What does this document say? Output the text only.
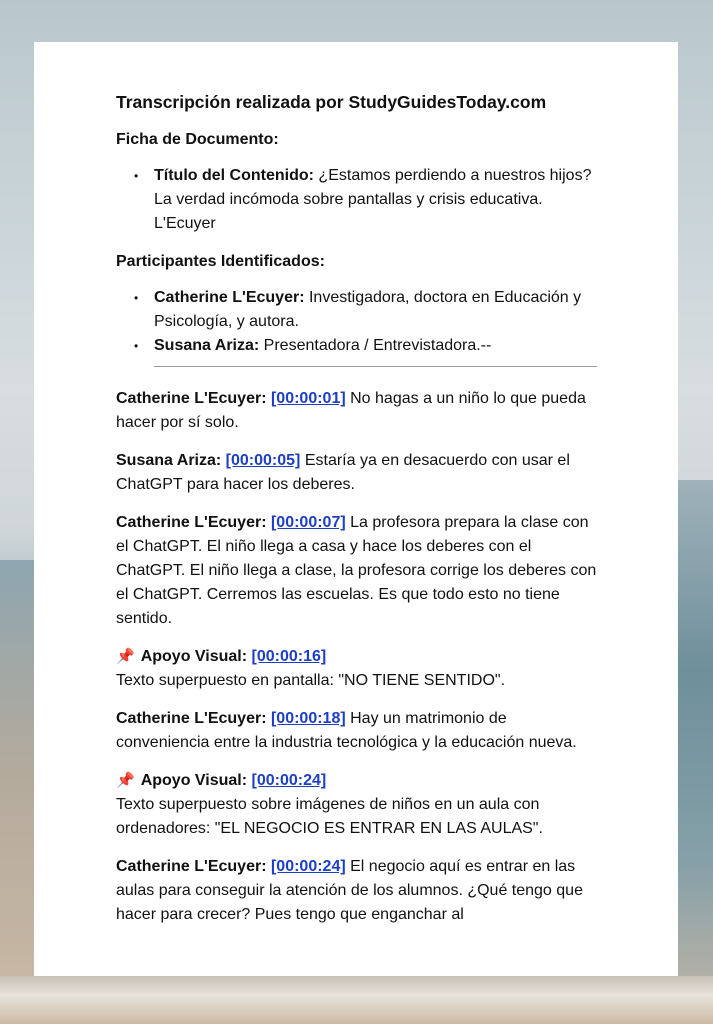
Transcripción realizada por StudyGuidesToday.com
Ficha de Documento:
• Título del Contenido: ¿Estamos perdiendo a nuestros hijos? La verdad incómoda sobre pantallas y crisis educativa. L'Ecuyer
Participantes Identificados:
• Catherine L'Ecuyer: Investigadora, doctora en Educación y Psicología, y autora.
• Susana Ariza: Presentadora / Entrevistadora.--
Catherine L'Ecuyer: [00:00:01] No hagas a un niño lo que pueda hacer por sí solo.
Susana Ariza: [00:00:05] Estaría ya en desacuerdo con usar el ChatGPT para hacer los deberes.
Catherine L'Ecuyer: [00:00:07] La profesora prepara la clase con el ChatGPT. El niño llega a casa y hace los deberes con el ChatGPT. El niño llega a clase, la profesora corrige los deberes con el ChatGPT. Cerremos las escuelas. Es que todo esto no tiene sentido.
📌 Apoyo Visual: [00:00:16]
Texto superpuesto en pantalla: "NO TIENE SENTIDO".
Catherine L'Ecuyer: [00:00:18] Hay un matrimonio de conveniencia entre la industria tecnológica y la educación nueva.
📌 Apoyo Visual: [00:00:24]
Texto superpuesto sobre imágenes de niños en un aula con ordenadores: "EL NEGOCIO ES ENTRAR EN LAS AULAS".
Catherine L'Ecuyer: [00:00:24] El negocio aquí es entrar en las aulas para conseguir la atención de los alumnos. ¿Qué tengo que hacer para crecer? Pues tengo que enganchar al
